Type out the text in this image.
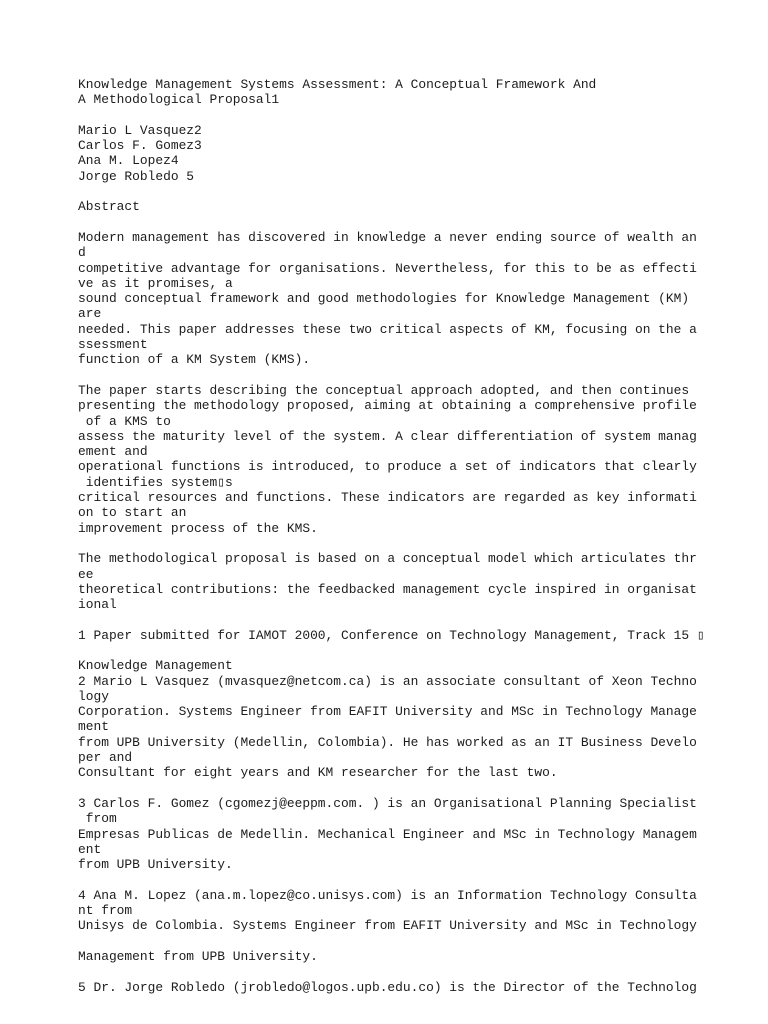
Knowledge Management Systems Assessment: A Conceptual Framework And
A Methodological Proposal1

Mario L Vasquez2
Carlos F. Gomez3
Ana M. Lopez4
Jorge Robledo 5

Abstract

Modern management has discovered in knowledge a never ending source of wealth an
d
competitive advantage for organisations. Nevertheless, for this to be as effecti
ve as it promises, a
sound conceptual framework and good methodologies for Knowledge Management (KM)
are
needed. This paper addresses these two critical aspects of KM, focusing on the a
ssessment
function of a KM System (KMS).

The paper starts describing the conceptual approach adopted, and then continues
presenting the methodology proposed, aiming at obtaining a comprehensive profile
of a KMS to
assess the maturity level of the system. A clear differentiation of system manag
ement and
operational functions is introduced, to produce a set of indicators that clearly
identifies system▯s
critical resources and functions. These indicators are regarded as key informati
on to start an
improvement process of the KMS.

The methodological proposal is based on a conceptual model which articulates thr
ee
theoretical contributions: the feedbacked management cycle inspired in organisat
ional

1 Paper submitted for IAMOT 2000, Conference on Technology Management, Track 15 ▯

Knowledge Management
2 Mario L Vasquez (mvasquez@netcom.ca) is an associate consultant of Xeon Techno
logy
Corporation. Systems Engineer from EAFIT University and MSc in Technology Manage
ment
from UPB University (Medellin, Colombia). He has worked as an IT Business Develo
per and
Consultant for eight years and KM researcher for the last two.

3 Carlos F. Gomez (cgomezj@eeppm.com. ) is an Organisational Planning Specialist
from
Empresas Publicas de Medellin. Mechanical Engineer and MSc in Technology Managem
ent
from UPB University.

4 Ana M. Lopez (ana.m.lopez@co.unisys.com) is an Information Technology Consulta
nt from
Unisys de Colombia. Systems Engineer from EAFIT University and MSc in Technology

Management from UPB University.

5 Dr. Jorge Robledo (jrobledo@logos.upb.edu.co) is the Director of the Technolog
